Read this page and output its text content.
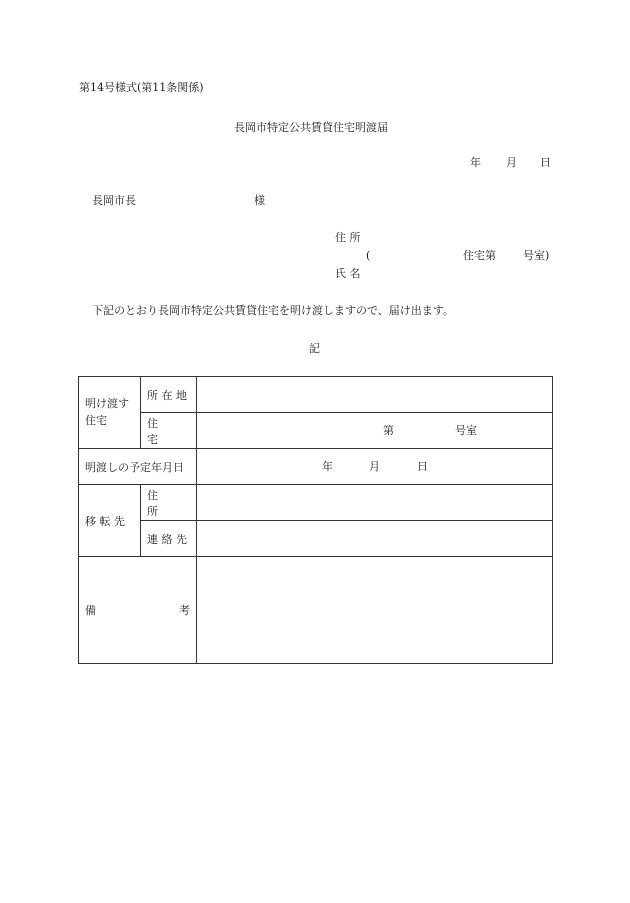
第14号様式(第11条関係)
長岡市特定公共賃貸住宅明渡届
年 月 日
長岡市長	様
住 所
(	住宅第 号室)
氏 名
下記のとおり長岡市特定公共賃貸住宅を明け渡しますので、届け出ます。
記
明け渡す住宅	所 在 地	
	住　　宅	第 号室

明渡しの予定年月日		年 月 日

移 転 先	住　　所	
	連 絡 先	

備 考		
